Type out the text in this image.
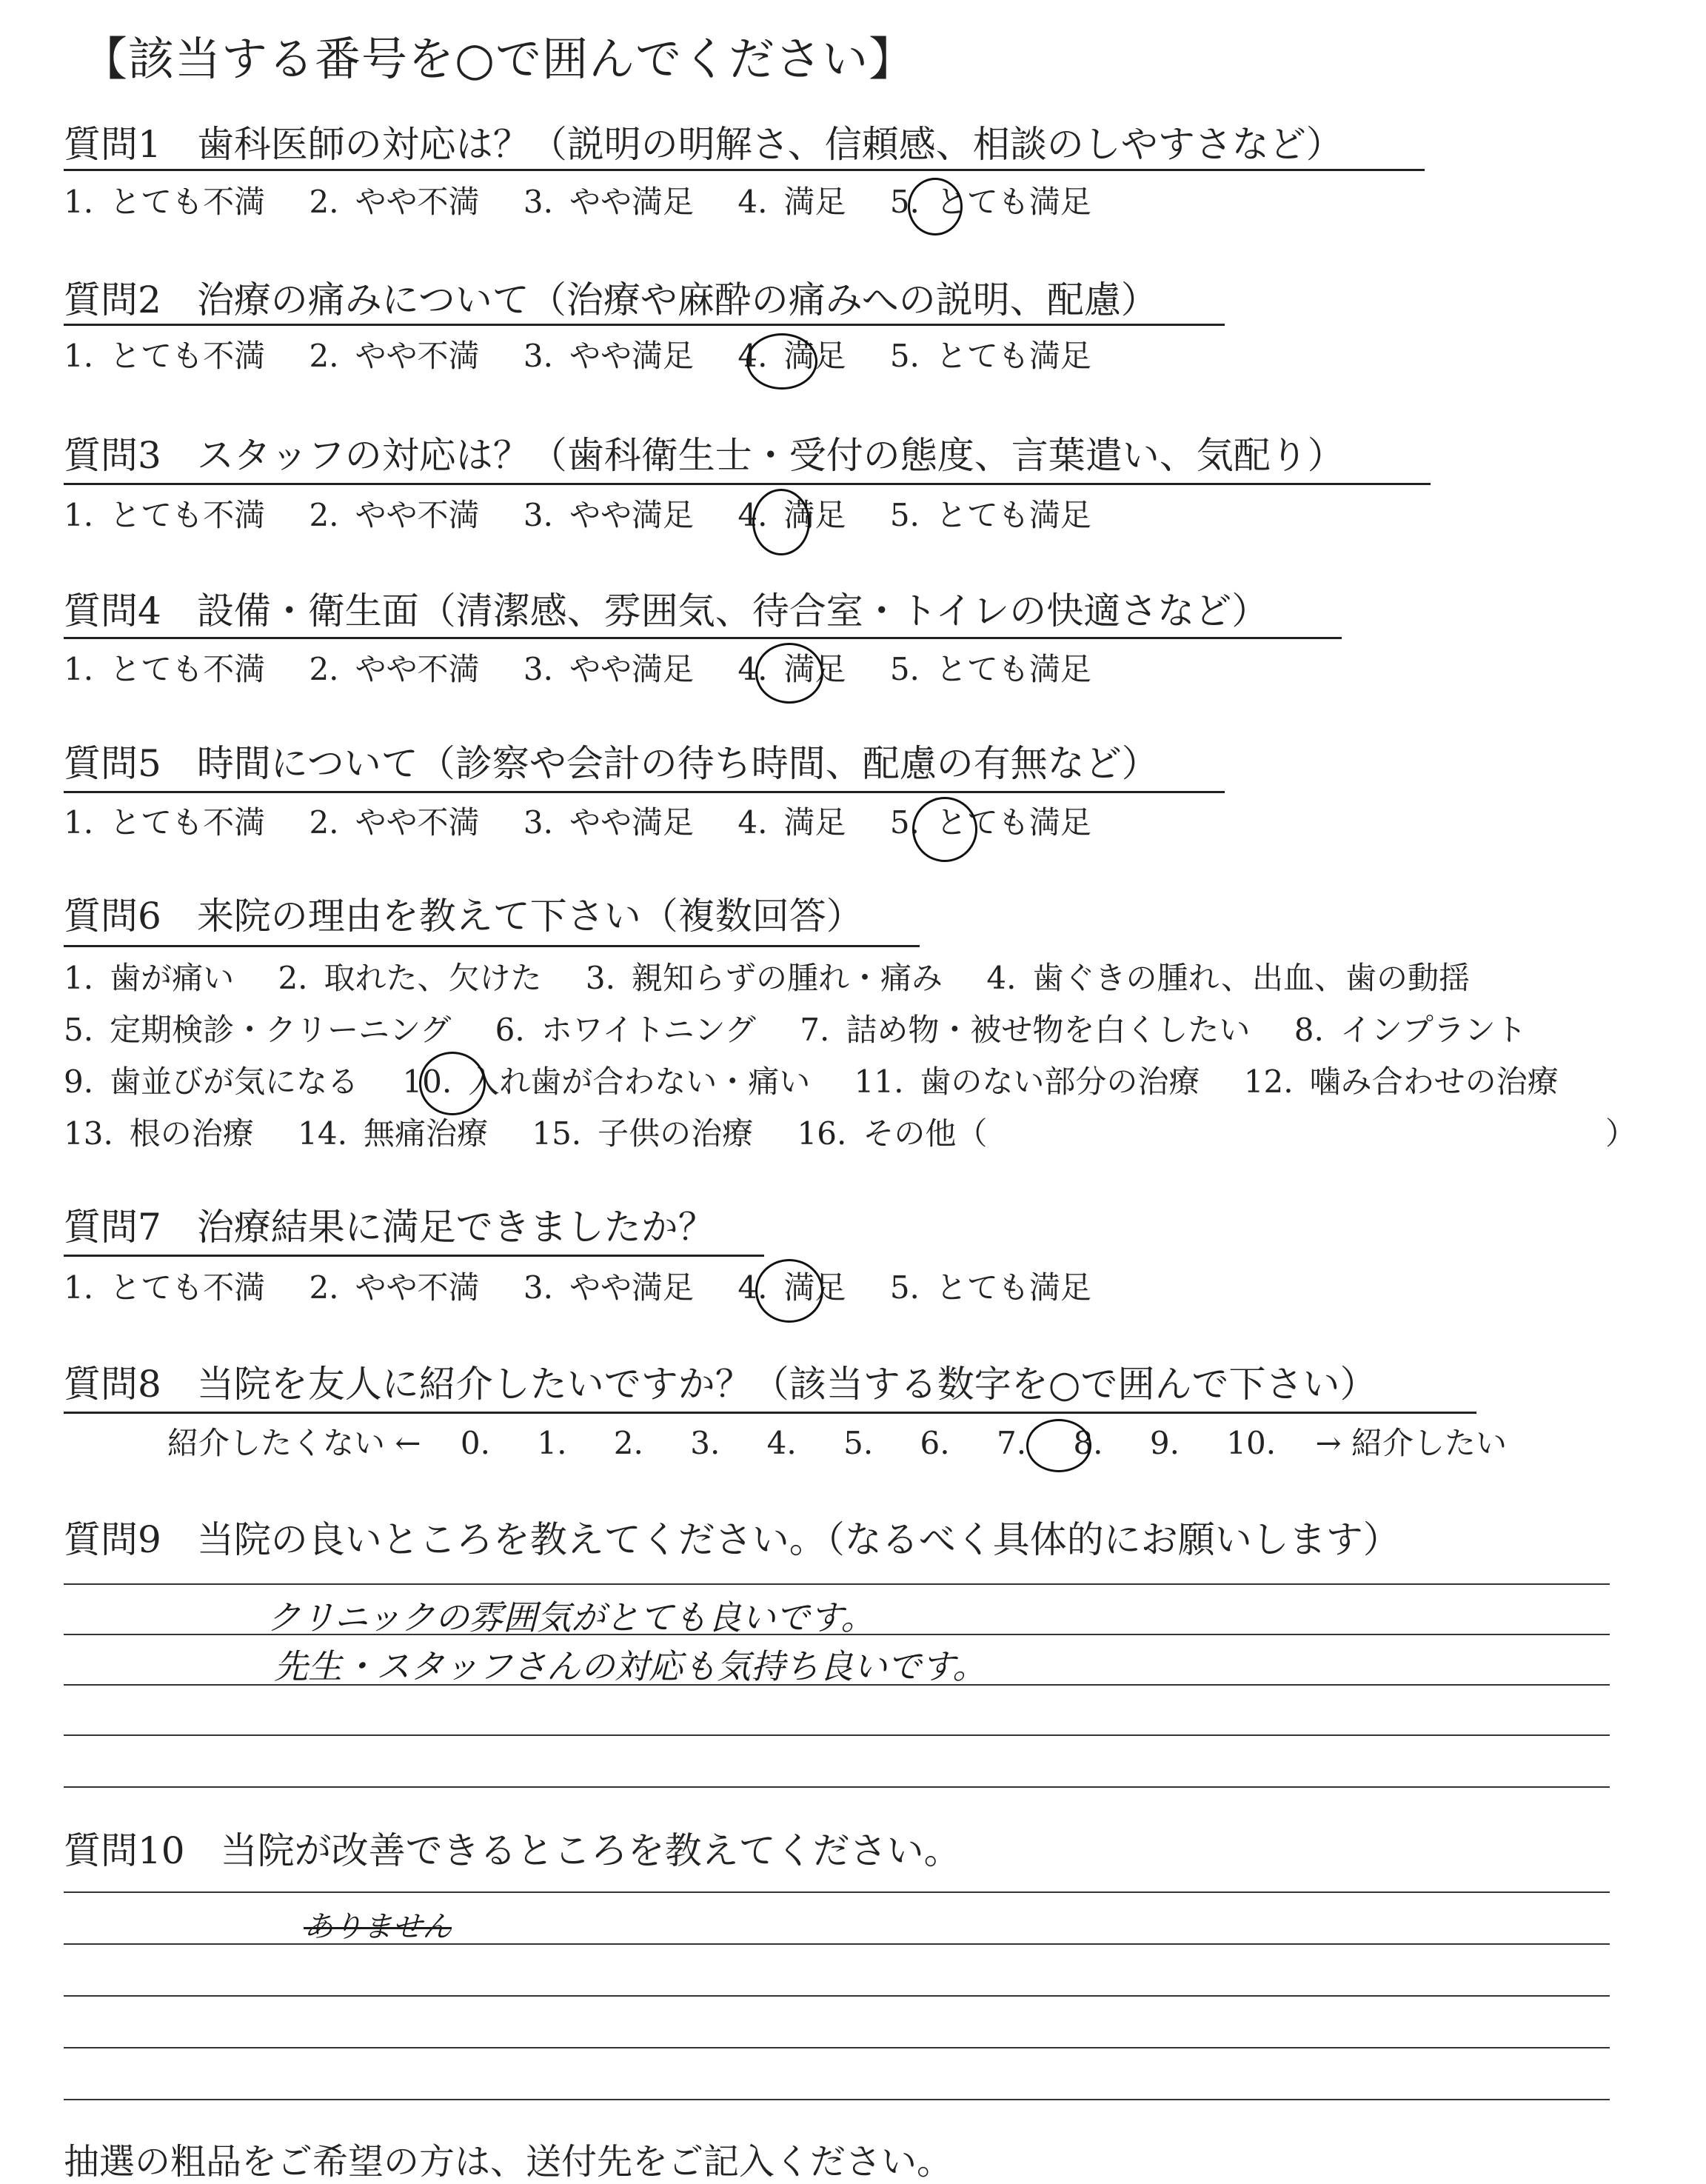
【該当する番号を○で囲んでください】
質問1 歯科医師の対応は？（説明の明解さ、信頼感、相談のしやすさなど）
1. とても不満 2. やや不満 3. やや満足 4. 満足 5. とても満足
質問2 治療の痛みについて（治療や麻酔の痛みへの説明、配慮）
1. とても不満 2. やや不満 3. やや満足 4. 満足 5. とても満足
質問3 スタッフの対応は？（歯科衛生士・受付の態度、言葉遣い、気配り）
1. とても不満 2. やや不満 3. やや満足 4. 満足 5. とても満足
質問4 設備・衛生面（清潔感、雰囲気、待合室・トイレの快適さなど）
1. とても不満 2. やや不満 3. やや満足 4. 満足 5. とても満足
質問5 時間について（診察や会計の待ち時間、配慮の有無など）
1. とても不満 2. やや不満 3. やや満足 4. 満足 5. とても満足
質問6 来院の理由を教えて下さい（複数回答）
1. 歯が痛い 2. 取れた、欠けた 3. 親知らずの腫れ・痛み 4. 歯ぐきの腫れ、出血、歯の動揺
5. 定期検診・クリーニング 6. ホワイトニング 7. 詰め物・被せ物を白くしたい 8. インプラント
9. 歯並びが気になる 10. 入れ歯が合わない・痛い 11. 歯のない部分の治療 12. 噛み合わせの治療
13. 根の治療 14. 無痛治療 15. 子供の治療 16. その他（	）
質問7 治療結果に満足できましたか？
1. とても不満 2. やや不満 3. やや満足 4. 満足 5. とても満足
質問8 当院を友人に紹介したいですか？（該当する数字を○で囲んで下さい）
紹介したくない ← 0. 1. 2. 3. 4. 5. 6. 7. 8. 9. 10. → 紹介したい
質問9 当院の良いところを教えてください。（なるべく具体的にお願いします）
クリニックの雰囲気がとても良いです。
先生・スタッフさんの対応も気持ち良いです。
質問10 当院が改善できるところを教えてください。
ありません
抽選の粗品をご希望の方は、送付先をご記入ください。
